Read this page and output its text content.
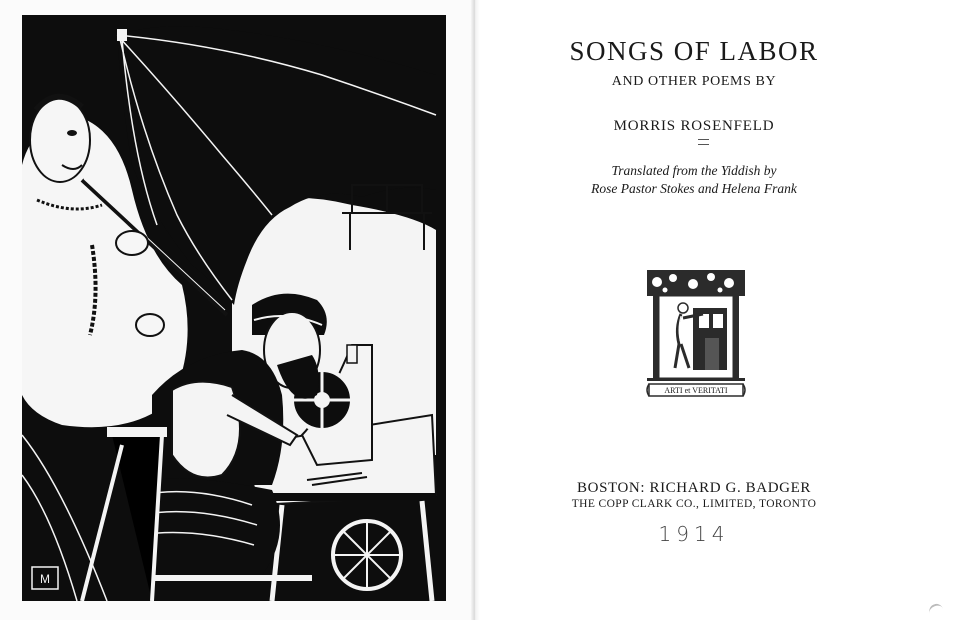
M
SONGS OF LABOR
AND OTHER POEMS BY
MORRIS ROSENFELD
Translated from the Yiddish by
Rose Pastor Stokes and Helena Frank
ARTI et VERITATI
BOSTON: RICHARD G. BADGER
THE COPP CLARK CO., LIMITED, TORONTO
1914
